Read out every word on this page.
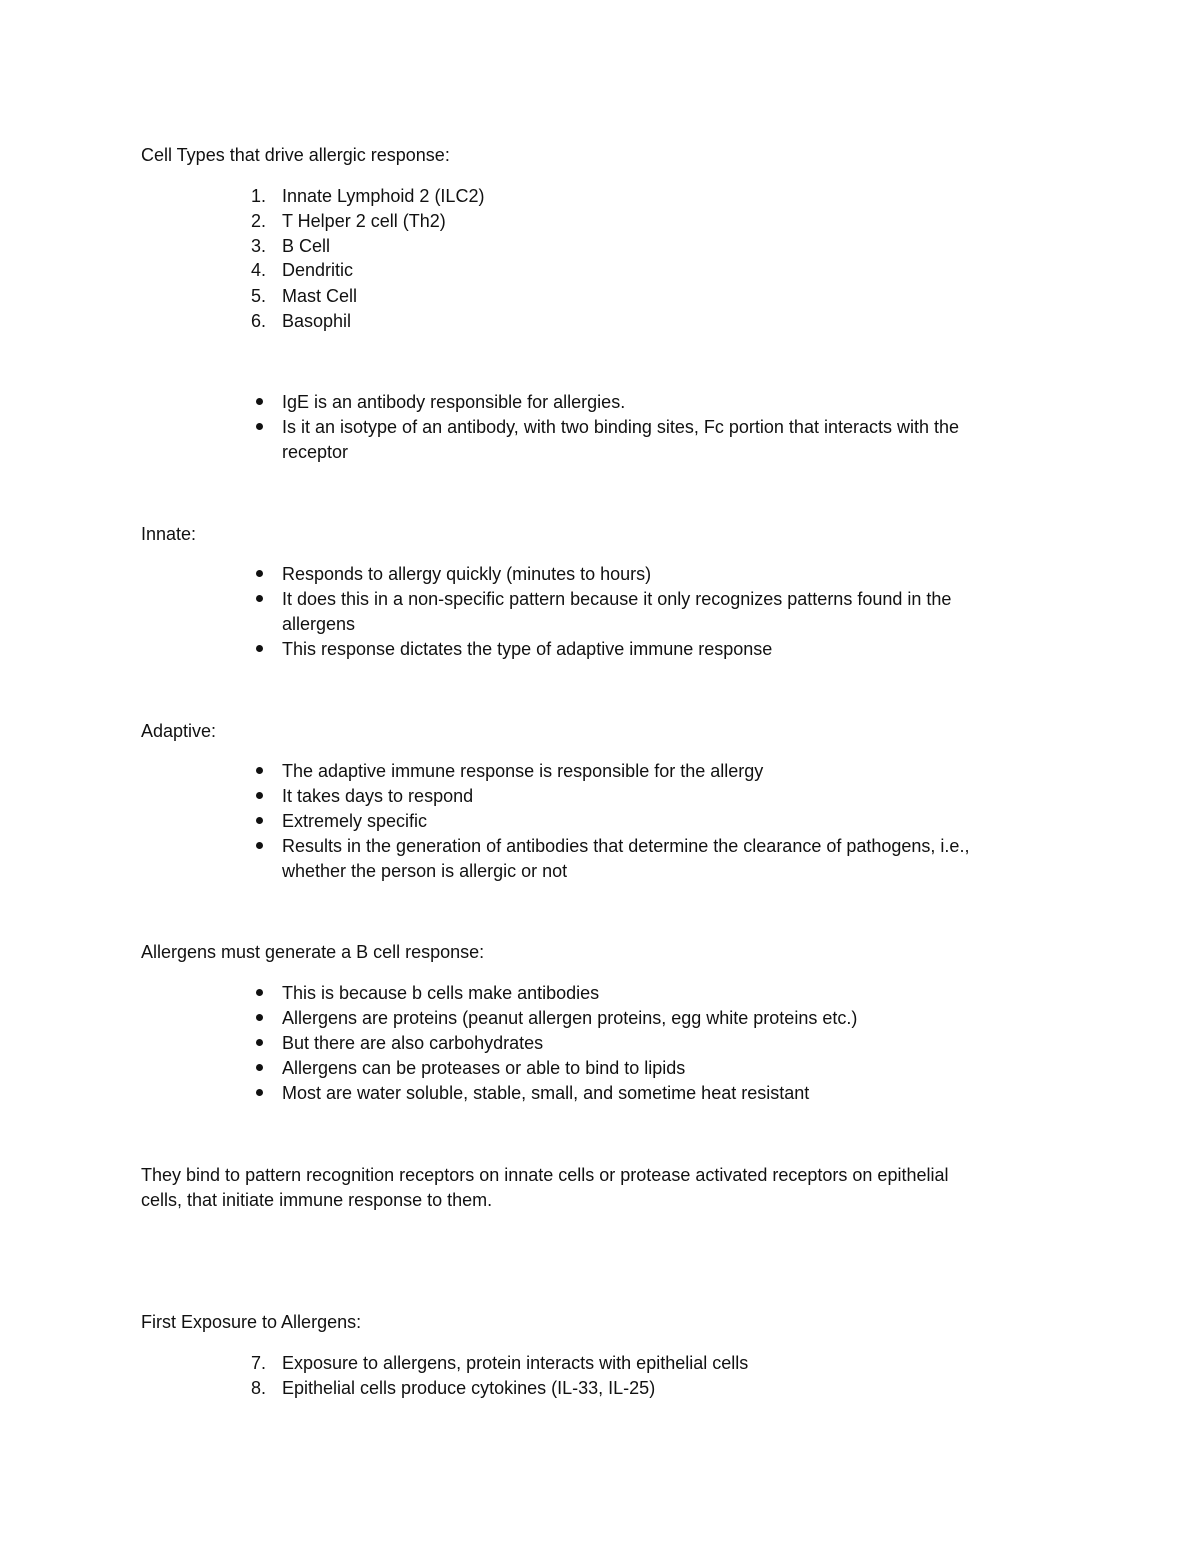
Cell Types that drive allergic response:
1. Innate Lymphoid 2 (ILC2)
2. T Helper 2 cell (Th2)
3. B Cell
4. Dendritic
5. Mast Cell
6. Basophil
IgE is an antibody responsible for allergies.
Is it an isotype of an antibody, with two binding sites, Fc portion that interacts with the
receptor
Innate:
Responds to allergy quickly (minutes to hours)
It does this in a non-specific pattern because it only recognizes patterns found in the
allergens
This response dictates the type of adaptive immune response
Adaptive:
The adaptive immune response is responsible for the allergy
It takes days to respond
Extremely specific
Results in the generation of antibodies that determine the clearance of pathogens, i.e.,
whether the person is allergic or not
Allergens must generate a B cell response:
This is because b cells make antibodies
Allergens are proteins (peanut allergen proteins, egg white proteins etc.)
But there are also carbohydrates
Allergens can be proteases or able to bind to lipids
Most are water soluble, stable, small, and sometime heat resistant
They bind to pattern recognition receptors on innate cells or protease activated receptors on epithelial
cells, that initiate immune response to them.
First Exposure to Allergens:
7. Exposure to allergens, protein interacts with epithelial cells
8. Epithelial cells produce cytokines (IL-33, IL-25)
